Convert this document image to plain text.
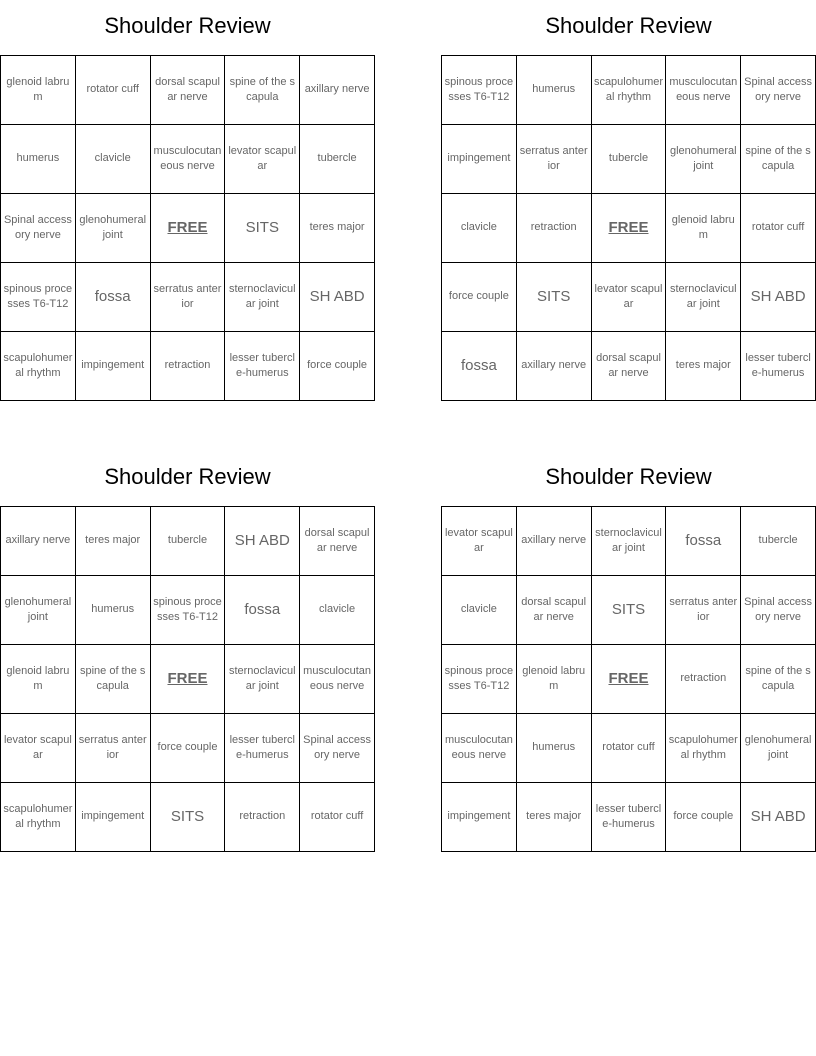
Shoulder Review
glenoid labrum	rotator cuff	dorsal scapular nerve	spine of the scapula	axillary nerve
humerus	clavicle	musculocutaneous nerve	levator scapular	tubercle
Spinal accessory nerve	glenohumeral joint	FREE	SITS	teres major
spinous processes T6-T12	fossa	serratus anterior	sternoclavicular joint	SH ABD
scapulohumeral rhythm	impingement	retraction	lesser tubercle-humerus	force couple
Shoulder Review
spinous processes T6-T12	humerus	scapulohumeral rhythm	musculocutaneous nerve	Spinal accessory nerve
impingement	serratus anterior	tubercle	glenohumeral joint	spine of the scapula
clavicle	retraction	FREE	glenoid labrum	rotator cuff
force couple	SITS	levator scapular	sternoclavicular joint	SH ABD
fossa	axillary nerve	dorsal scapular nerve	teres major	lesser tubercle-humerus
Shoulder Review
axillary nerve	teres major	tubercle	SH ABD	dorsal scapular nerve
glenohumeral joint	humerus	spinous processes T6-T12	fossa	clavicle
glenoid labrum	spine of the scapula	FREE	sternoclavicular joint	musculocutaneous nerve
levator scapular	serratus anterior	force couple	lesser tubercle-humerus	Spinal accessory nerve
scapulohumeral rhythm	impingement	SITS	retraction	rotator cuff
Shoulder Review
levator scapular	axillary nerve	sternoclavicular joint	fossa	tubercle
clavicle	dorsal scapular nerve	SITS	serratus anterior	Spinal accessory nerve
spinous processes T6-T12	glenoid labrum	FREE	retraction	spine of the scapula
musculocutaneous nerve	humerus	rotator cuff	scapulohumeral rhythm	glenohumeral joint
impingement	teres major	lesser tubercle-humerus	force couple	SH ABD
